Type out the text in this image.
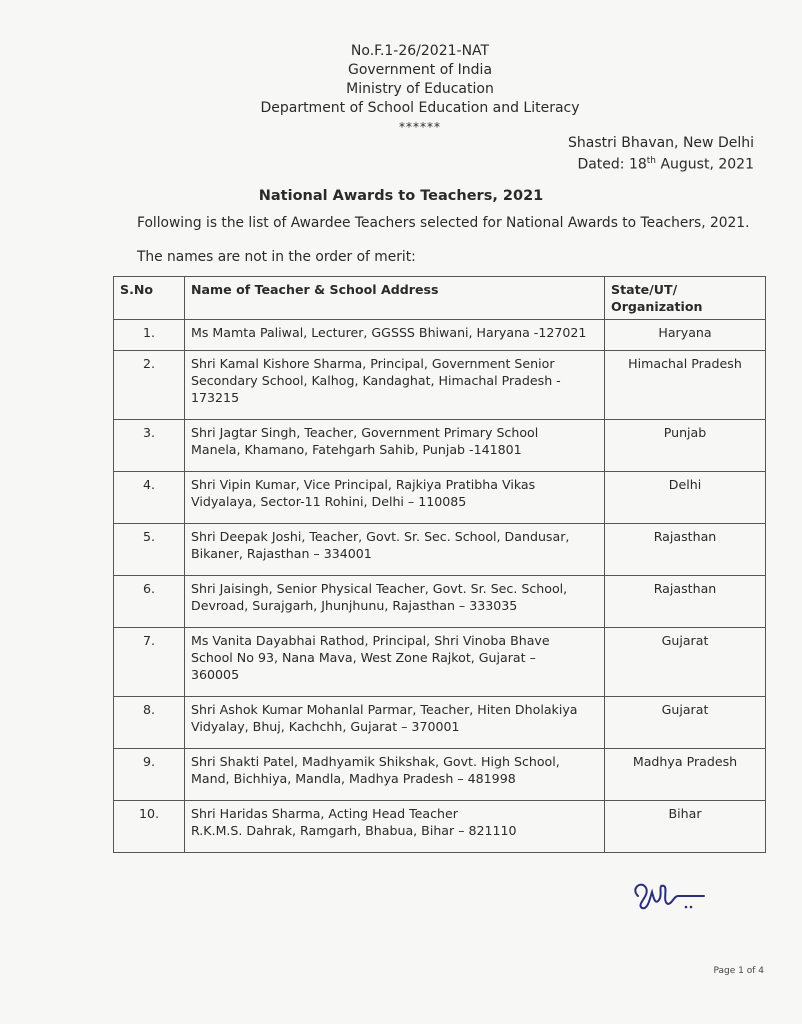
No.F.1-26/2021-NAT
Government of India
Ministry of Education
Department of School Education and Literacy
******
Shastri Bhavan, New Delhi
Dated: 18th August, 2021
National Awards to Teachers, 2021
Following is the list of Awardee Teachers selected for National Awards to Teachers, 2021.
The names are not in the order of merit:
S.No	Name of Teacher & School Address	State/UT/
Organization

1.	Ms Mamta Paliwal, Lecturer, GGSSS Bhiwani, Haryana -127021	Haryana
2.	Shri Kamal Kishore Sharma, Principal, Government Senior
Secondary School, Kalhog, Kandaghat, Himachal Pradesh -
173215	Himachal Pradesh
3.	Shri Jagtar Singh, Teacher, Government Primary School
Manela, Khamano, Fatehgarh Sahib, Punjab -141801	Punjab
4.	Shri Vipin Kumar, Vice Principal, Rajkiya Pratibha Vikas
Vidyalaya, Sector-11 Rohini, Delhi – 110085	Delhi
5.	Shri Deepak Joshi, Teacher, Govt. Sr. Sec. School, Dandusar,
Bikaner, Rajasthan – 334001	Rajasthan
6.	Shri Jaisingh, Senior Physical Teacher, Govt. Sr. Sec. School,
Devroad, Surajgarh, Jhunjhunu, Rajasthan – 333035	Rajasthan
7.	Ms Vanita Dayabhai Rathod, Principal, Shri Vinoba Bhave
School No 93, Nana Mava, West Zone Rajkot, Gujarat –
360005	Gujarat
8.	Shri Ashok Kumar Mohanlal Parmar, Teacher, Hiten Dholakiya
Vidyalay, Bhuj, Kachchh, Gujarat – 370001	Gujarat
9.	Shri Shakti Patel, Madhyamik Shikshak, Govt. High School,
Mand, Bichhiya, Mandla, Madhya Pradesh – 481998	Madhya Pradesh
10.	Shri Haridas Sharma, Acting Head Teacher
R.K.M.S. Dahrak, Ramgarh, Bhabua, Bihar – 821110	Bihar
Page 1 of 4
